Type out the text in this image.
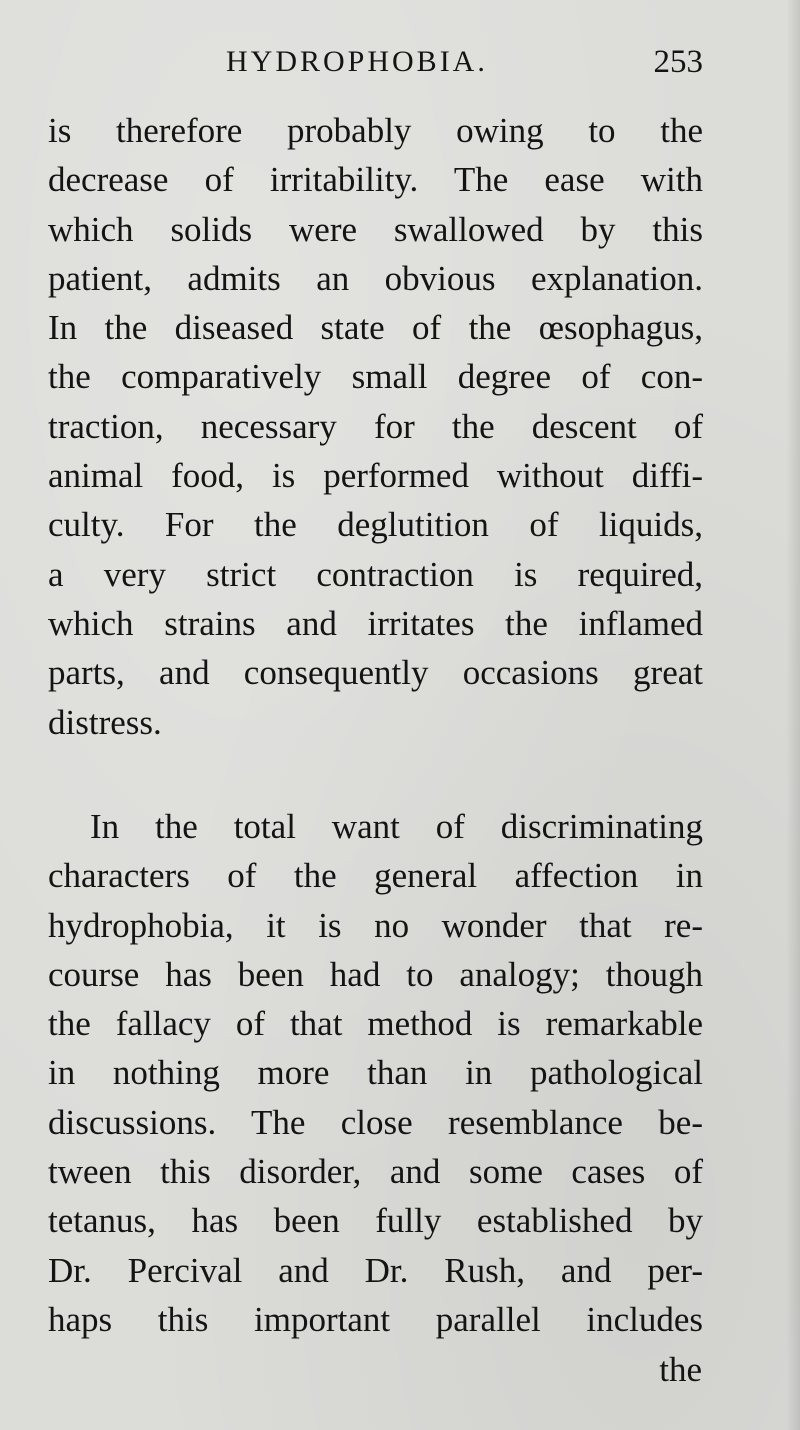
HYDROPHOBIA.	253
is therefore probably owing to the
decrease of irritability. The ease with
which solids were swallowed by this
patient, admits an obvious explanation.
In the diseased state of the œsophagus,
the comparatively small degree of con-
traction, necessary for the descent of
animal food, is performed without diffi-
culty. For the deglutition of liquids,
a very strict contraction is required,
which strains and irritates the inflamed
parts, and consequently occasions great
distress.
In the total want of discriminating
characters of the general affection in
hydrophobia, it is no wonder that re-
course has been had to analogy; though
the fallacy of that method is remarkable
in nothing more than in pathological
discussions. The close resemblance be-
tween this disorder, and some cases of
tetanus, has been fully established by
Dr. Percival and Dr. Rush, and per-
haps this important parallel includes
the
